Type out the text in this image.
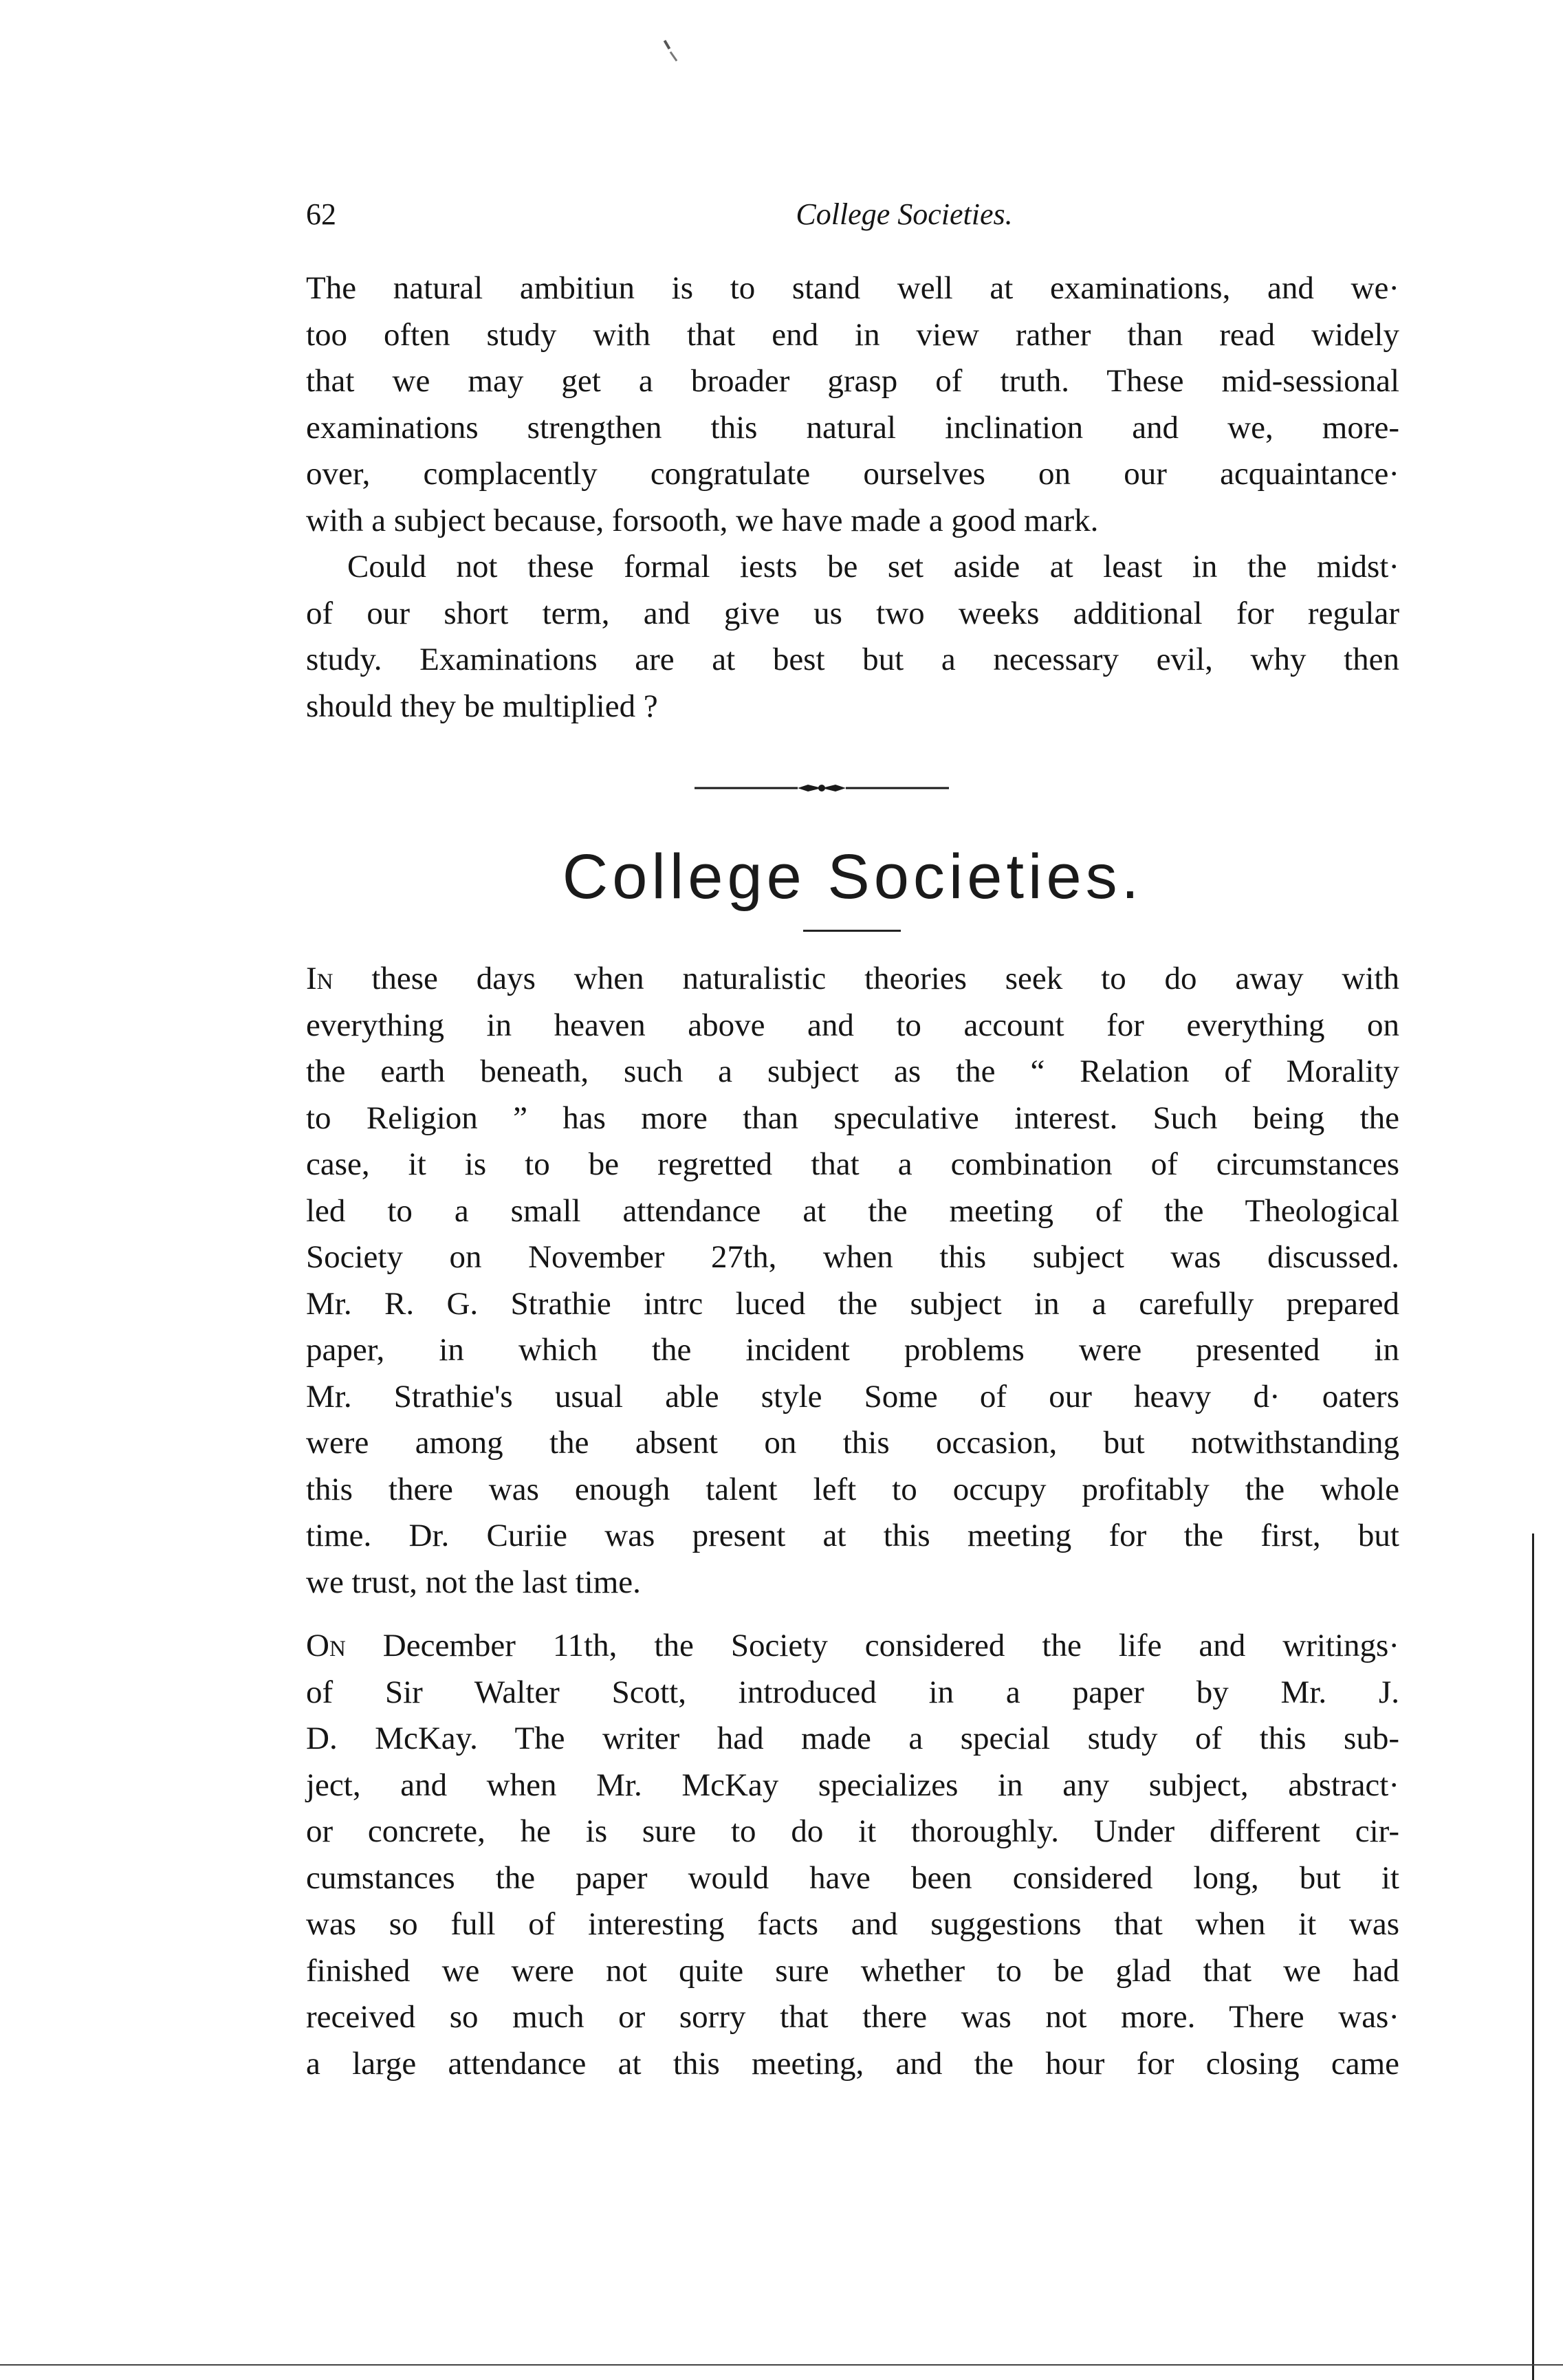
62	College Societies.
The natural ambitiun is to stand well at examinations, and we·
too often study with that end in view rather than read widely
that we may get a broader grasp of truth. These mid-sessional
examinations strengthen this natural inclination and we, more-
over, complacently congratulate ourselves on our acquaintance·
with a subject because, forsooth, we have made a good mark.
Could not these formal iests be set aside at least in the midst·
of our short term, and give us two weeks additional for regular
study. Examinations are at best but a necessary evil, why then
should they be multiplied ?
College Societies.
In these days when naturalistic theories seek to do away with
everything in heaven above and to account for everything on
the earth beneath, such a subject as the “ Relation of Morality
to Religion ” has more than speculative interest. Such being the
case, it is to be regretted that a combination of circumstances
led to a small attendance at the meeting of the Theological
Society on November 27th, when this subject was discussed.
Mr. R. G. Strathie intrc luced the subject in a carefully prepared
paper, in which the incident problems were presented in
Mr. Strathie's usual able style Some of our heavy d· oaters
were among the absent on this occasion, but notwithstanding
this there was enough talent left to occupy profitably the whole
time. Dr. Curiie was present at this meeting for the first, but
we trust, not the last time.
On December 11th, the Society considered the life and writings·
of Sir Walter Scott, introduced in a paper by Mr. J.
D. McKay. The writer had made a special study of this sub-
ject, and when Mr. McKay specializes in any subject, abstract·
or concrete, he is sure to do it thoroughly. Under different cir-
cumstances the paper would have been considered long, but it
was so full of interesting facts and suggestions that when it was
finished we were not quite sure whether to be glad that we had
received so much or sorry that there was not more. There was·
a large attendance at this meeting, and the hour for closing came
